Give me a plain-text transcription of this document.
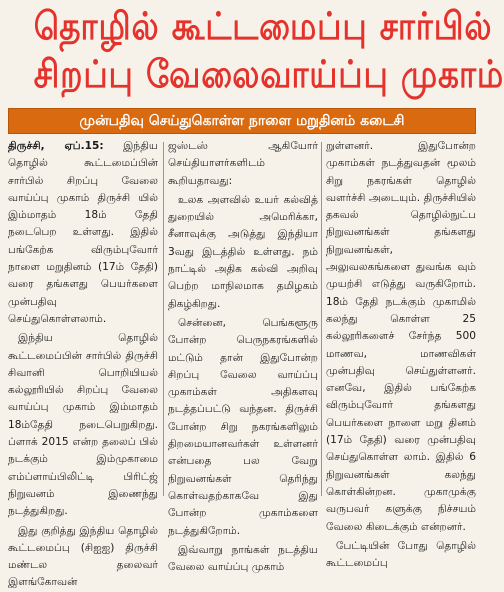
தொழில் கூட்டமைப்பு சார்பில்
சிறப்பு வேலைவாய்ப்பு முகாம்
முன்பதிவு செய்துகொள்ள நாளை மறுதினம் கடைசி

திருச்சி, ஏப்.15: இந்திய தொழில் கூட்டமைப்பின் சார்பில் சிறப்பு வேலை வாய்ப்பு முகாம் திருச்சி யில் இம்மாதம் 18ம் தேதி நடைபெற உள்ளது. இதில் பங்கேற்க விரும்புவோர் நாளை மறுதினம் (17ம் தேதி) வரை தங்களது பெயர்களை முன்பதிவு செய்துகொள்ளலாம்.

இந்திய தொழில் கூட்டமைப்பின் சார்பில் திருச்சி சிவானி பொறியியல் கல்லூரியில் சிறப்பு வேலை வாய்ப்பு முகாம் இம்மாதம் 18ம்தேதி நடைபெறுகிறது. ப்ளாக் 2015 என்ற தலைப் பில் நடக்கும் இம்முகாமை எம்ப்ளாய்பிலிட்டி பிரிட்ஜ் நிறுவனம் இணைந்து நடத்துகிறது.

இது குறித்து இந்திய தொழில் கூட்டமைப்பு (சிஐஐ) திருச்சி மண்டல தலைவர் இளங்கோவன்

ஜஸ்டஸ் ஆகியோர் செய்தியாளர்களிடம் கூறியதாவது:

உலக அளவில் உயர் கல்வித் துறையில் அமெரிக்கா, சீனாவுக்கு அடுத்து இந்தியா 3வது இடத்தில் உள்ளது. நம் நாட்டில் அதிக கல்வி அறிவு பெற்ற மாநிலமாக தமிழகம் திகழ்கிறது.

சென்னை, பெங்களூரு போன்ற பெருநகரங்களில் மட்டும் தான் இதுபோன்ற சிறப்பு வேலை வாய்ப்பு முகாம்கள் அதிகளவு நடத்தப்பட்டு வந்தன. திருச்சி போன்ற சிறு நகரங்களிலும் திறமையானவர்கள் உள்ளனர் என்பதை பல வேறு நிறுவனங்கள் தெரிந்து கொள்வதற்காகவே இது போன்ற முகாம்களை நடத்துகிறோம்.

இவ்வாறு நாங்கள் நடத்திய வேலை வாய்ப்பு முகாம்

றுள்ளனர். இதுபோன்ற முகாம்கள் நடத்துவதன் மூலம் சிறு நகரங்கள் தொழில் வளர்ச்சி அடையும். திருச்சியில் தகவல் தொழில்நுட்ப நிறுவனங்கள் தங்களது நிறுவனங்கள், அலுவலகங்களை துவங்க வும் முயற்சி எடுத்து வருகிறோம். 18ம் தேதி நடக்கும் முகாமில் கலந்து கொள்ள 25 கல்லூரிகளைச் சேர்ந்த 500 மாணவ, மாணவிகள் முன்பதிவு செய்துள்ளனர். எனவே, இதில் பங்கேற்க விரும்புவோர் தங்களது பெயர்களை நாளை மறு தினம் (17ம் தேதி) வரை முன்பதிவு செய்துகொள்ள லாம். இதில் 6 நிறுவனங்கள் கலந்து கொள்கின்றன. முகாமுக்கு வருபவர் களுக்கு நிச்சயம் வேலை கிடைக்கும் என்றனர்.

பேட்டியின் போது தொழில் கூட்டமைப்பு
